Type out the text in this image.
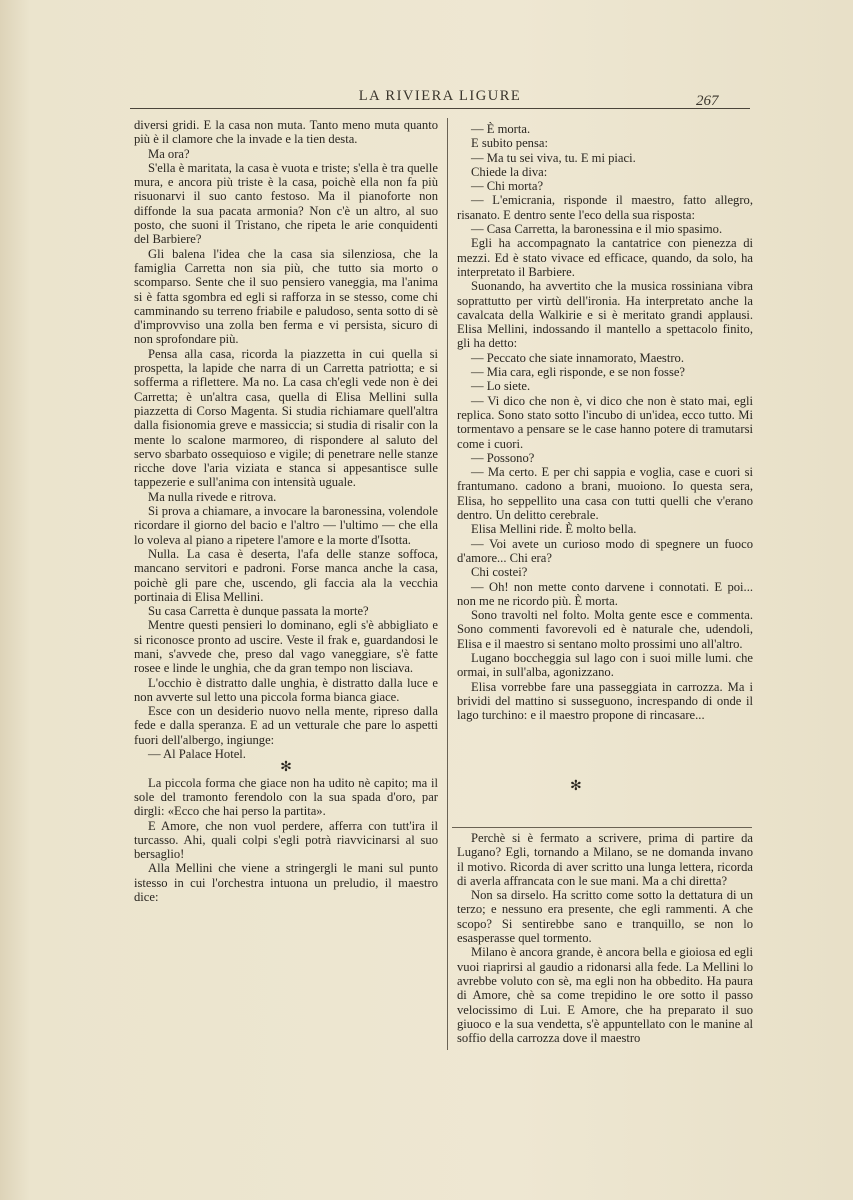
LA RIVIERA LIGURE	267

diversi gridi. E la casa non muta. Tanto meno muta quanto più è il clamore che la invade e la tien desta.

Ma ora?

S'ella è maritata, la casa è vuota e triste; s'ella è tra quelle mura, e ancora più triste è la casa, poichè ella non fa più risuonarvi il suo canto festoso. Ma il pianoforte non diffonde la sua pacata armonia? Non c'è un altro, al suo posto, che suoni il Tristano, che ripeta le arie conquidenti del Barbiere?

Gli balena l'idea che la casa sia silenziosa, che la famiglia Carretta non sia più, che tutto sia morto o scomparso. Sente che il suo pensiero vaneggia, ma l'anima si è fatta sgombra ed egli si rafforza in se stesso, come chi camminando su terreno friabile e paludoso, senta sotto di sè d'improvviso una zolla ben ferma e vi persista, sicuro di non sprofondare più.

Pensa alla casa, ricorda la piazzetta in cui quella si prospetta, la lapide che narra di un Carretta patriotta; e si sofferma a riflettere. Ma no. La casa ch'egli vede non è dei Carretta; è un'altra casa, quella di Elisa Mellini sulla piazzetta di Corso Magenta. Si studia richiamare quell'altra dalla fisionomia greve e massiccia; si studia di risalir con la mente lo scalone marmoreo, di rispondere al saluto del servo sbarbato ossequioso e vigile; di penetrare nelle stanze ricche dove l'aria viziata e stanca si appesantisce sulle tappezerie e sull'anima con intensità uguale.

Ma nulla rivede e ritrova.

Si prova a chiamare, a invocare la baronessina, volendole ricordare il giorno del bacio e l'altro — l'ultimo — che ella lo voleva al piano a ripetere l'amore e la morte d'Isotta.

Nulla. La casa è deserta, l'afa delle stanze soffoca, mancano servitori e padroni. Forse manca anche la casa, poichè gli pare che, uscendo, gli faccia ala la vecchia portinaia di Elisa Mellini.

Su casa Carretta è dunque passata la morte?

Mentre questi pensieri lo dominano, egli s'è abbigliato e si riconosce pronto ad uscire. Veste il frak e, guardandosi le mani, s'avvede che, preso dal vago vaneggiare, s'è fatte rosee e linde le unghia, che da gran tempo non lisciava.

L'occhio è distratto dalle unghia, è distratto dalla luce e non avverte sul letto una piccola forma bianca giace.

Esce con un desiderio nuovo nella mente, ripreso dalla fede e dalla speranza. E ad un vetturale che pare lo aspetti fuori dell'albergo, ingiunge:

— Al Palace Hotel.

✻

La piccola forma che giace non ha udito nè capito; ma il sole del tramonto ferendolo con la sua spada d'oro, par dirgli: «Ecco che hai perso la partita».

E Amore, che non vuol perdere, afferra con tutt'ira il turcasso. Ahi, quali colpi s'egli potrà riavvicinarsi al suo bersaglio!

Alla Mellini che viene a stringergli le mani sul punto istesso in cui l'orchestra intuona un preludio, il maestro dice:

— È morta.

E subito pensa:

— Ma tu sei viva, tu. E mi piaci.

Chiede la diva:

— Chi morta?

— L'emicrania, risponde il maestro, fatto allegro, risanato. E dentro sente l'eco della sua risposta:

— Casa Carretta, la baronessina e il mio spasimo.

Egli ha accompagnato la cantatrice con pienezza di mezzi. Ed è stato vivace ed efficace, quando, da solo, ha interpretato il Barbiere.

Suonando, ha avvertito che la musica rossiniana vibra soprattutto per virtù dell'ironia. Ha interpretato anche la cavalcata della Walkirie e si è meritato grandi applausi. Elisa Mellini, indossando il mantello a spettacolo finito, gli ha detto:

— Peccato che siate innamorato, Maestro.

— Mia cara, egli risponde, e se non fosse?

— Lo siete.

— Vi dico che non è, vi dico che non è stato mai, egli replica. Sono stato sotto l'incubo di un'idea, ecco tutto. Mi tormentavo a pensare se le case hanno potere di tramutarsi come i cuori.

— Possono?

— Ma certo. E per chi sappia e voglia, case e cuori si frantumano. cadono a brani, muoiono. Io questa sera, Elisa, ho seppellito una casa con tutti quelli che v'erano dentro. Un delitto cerebrale.

Elisa Mellini ride. È molto bella.

— Voi avete un curioso modo di spegnere un fuoco d'amore... Chi era?

Chi costei?

— Oh! non mette conto darvene i connotati. E poi... non me ne ricordo più. È morta.

Sono travolti nel folto. Molta gente esce e commenta. Sono commenti favorevoli ed è naturale che, udendoli, Elisa e il maestro si sentano molto prossimi uno all'altro.

Lugano boccheggia sul lago con i suoi mille lumi. che ormai, in sull'alba, agonizzano.

Elisa vorrebbe fare una passeggiata in carrozza. Ma i brividi del mattino si susseguono, increspando di onde il lago turchino: e il maestro propone di rincasare...

✻

Perchè si è fermato a scrivere, prima di partire da Lugano? Egli, tornando a Milano, se ne domanda invano il motivo. Ricorda di aver scritto una lunga lettera, ricorda di averla affrancata con le sue mani. Ma a chi diretta?

Non sa dirselo. Ha scritto come sotto la dettatura di un terzo; e nessuno era presente, che egli rammenti. A che scopo? Si sentirebbe sano e tranquillo, se non lo esasperasse quel tormento.

Milano è ancora grande, è ancora bella e gioiosa ed egli vuoi riaprirsi al gaudio a ridonarsi alla fede. La Mellini lo avrebbe voluto con sè, ma egli non ha obbedito. Ha paura di Amore, chè sa come trepidino le ore sotto il passo velocissimo di Lui. E Amore, che ha preparato il suo giuoco e la sua vendetta, s'è appuntellato con le manine al soffio della carrozza dove il maestro
